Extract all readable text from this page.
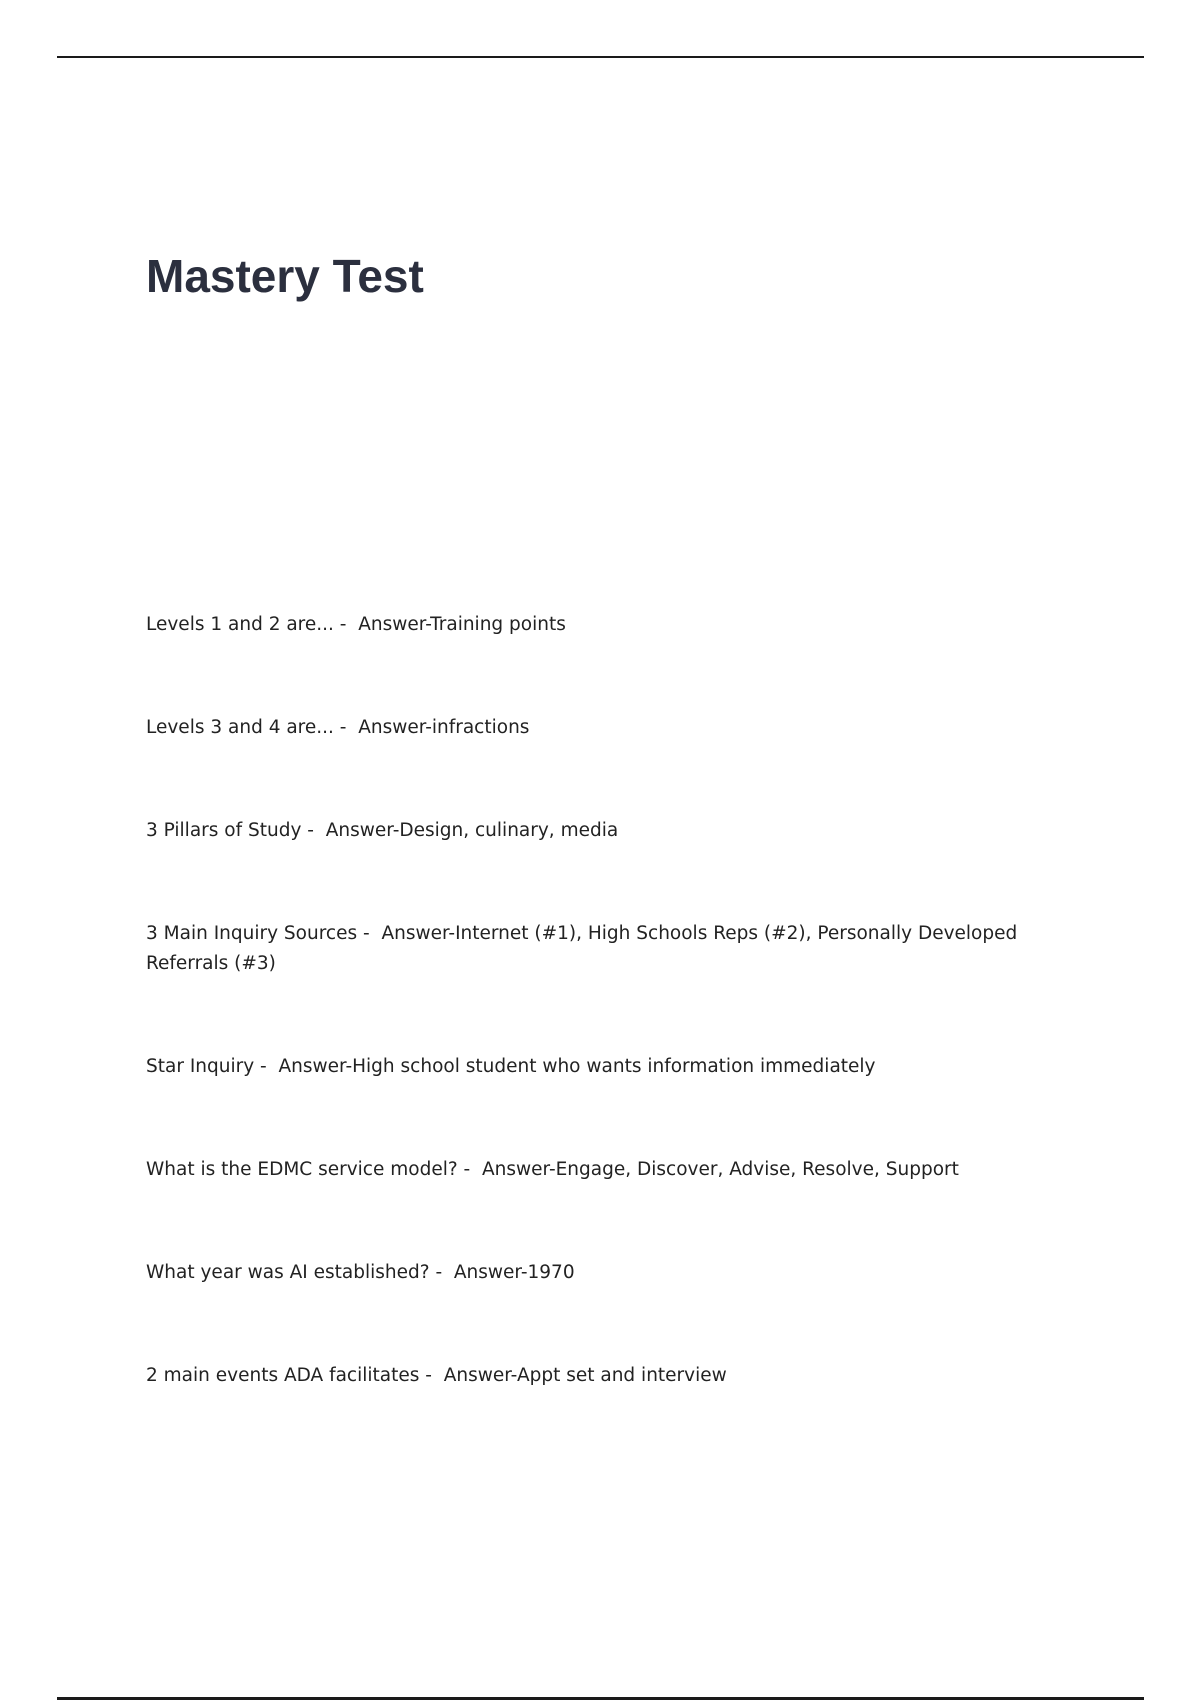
Mastery Test
Levels 1 and 2 are... -  Answer-Training points
Levels 3 and 4 are... -  Answer-infractions
3 Pillars of Study -  Answer-Design, culinary, media
3 Main Inquiry Sources -  Answer-Internet (#1), High Schools Reps (#2), Personally Developed Referrals (#3)
Star Inquiry -  Answer-High school student who wants information immediately
What is the EDMC service model? -  Answer-Engage, Discover, Advise, Resolve, Support
What year was AI established? -  Answer-1970
2 main events ADA facilitates -  Answer-Appt set and interview
